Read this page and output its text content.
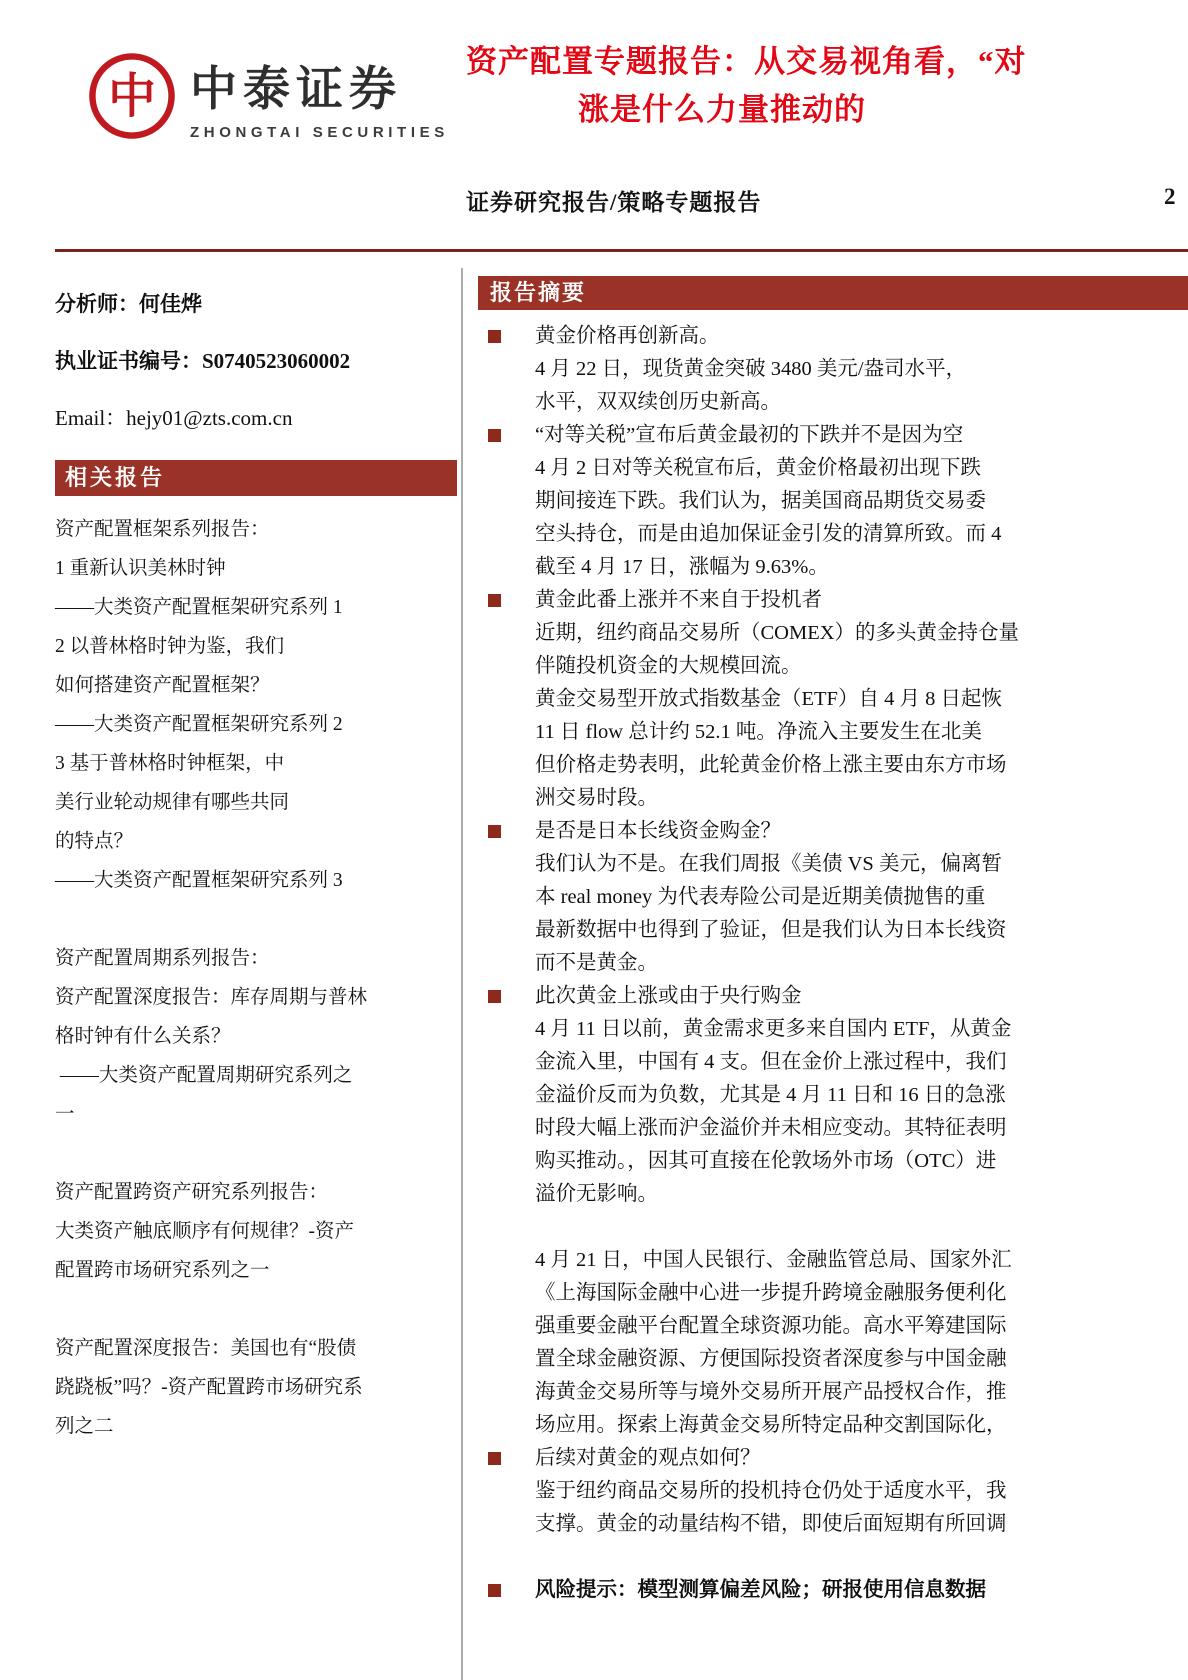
中 中泰证券
ZHONGTAI SECURITIES
资产配置专题报告：从交易视角看，“对
涨是什么力量推动的
证券研究报告/策略专题报告	2
分析师：何佳烨
执业证书编号：S0740523060002
Email：hejy01@zts.com.cn
相关报告
资产配置框架系列报告：
1 重新认识美林时钟
——大类资产配置框架研究系列 1
2 以普林格时钟为鉴，我们
如何搭建资产配置框架？
——大类资产配置框架研究系列 2
3 基于普林格时钟框架，中
美行业轮动规律有哪些共同
的特点？
——大类资产配置框架研究系列 3
资产配置周期系列报告：
资产配置深度报告：库存周期与普林
格时钟有什么关系？
——大类资产配置周期研究系列之
一
资产配置跨资产研究系列报告：
大类资产触底顺序有何规律？-资产
配置跨市场研究系列之一
资产配置深度报告：美国也有“股债
跷跷板”吗？-资产配置跨市场研究系
列之二
报告摘要
黄金价格再创新高。
4 月 22 日，现货黄金突破 3480 美元/盎司水平，
水平，双双续创历史新高。
“对等关税”宣布后黄金最初的下跌并不是因为空
4 月 2 日对等关税宣布后，黄金价格最初出现下跌
期间接连下跌。我们认为，据美国商品期货交易委
空头持仓，而是由追加保证金引发的清算所致。而 4
截至 4 月 17 日，涨幅为 9.63%。
黄金此番上涨并不来自于投机者
近期，纽约商品交易所（COMEX）的多头黄金持仓量
伴随投机资金的大规模回流。
黄金交易型开放式指数基金（ETF）自 4 月 8 日起恢
11 日 flow 总计约 52.1 吨。净流入主要发生在北美
但价格走势表明，此轮黄金价格上涨主要由东方市场
洲交易时段。
是否是日本长线资金购金？
我们认为不是。在我们周报《美债 VS 美元，偏离暂
本 real money 为代表寿险公司是近期美债抛售的重
最新数据中也得到了验证，但是我们认为日本长线资
而不是黄金。
此次黄金上涨或由于央行购金
4 月 11 日以前，黄金需求更多来自国内 ETF，从黄金
金流入里，中国有 4 支。但在金价上涨过程中，我们
金溢价反而为负数，尤其是 4 月 11 日和 16 日的急涨
时段大幅上涨而沪金溢价并未相应变动。其特征表明
购买推动。，因其可直接在伦敦场外市场（OTC）进
溢价无影响。
4 月 21 日，中国人民银行、金融监管总局、国家外汇
《上海国际金融中心进一步提升跨境金融服务便利化
强重要金融平台配置全球资源功能。高水平筹建国际
置全球金融资源、方便国际投资者深度参与中国金融
海黄金交易所等与境外交易所开展产品授权合作，推
场应用。探索上海黄金交易所特定品种交割国际化，
后续对黄金的观点如何？
鉴于纽约商品交易所的投机持仓仍处于适度水平，我
支撑。黄金的动量结构不错，即使后面短期有所回调
风险提示：模型测算偏差风险；研报使用信息数据
